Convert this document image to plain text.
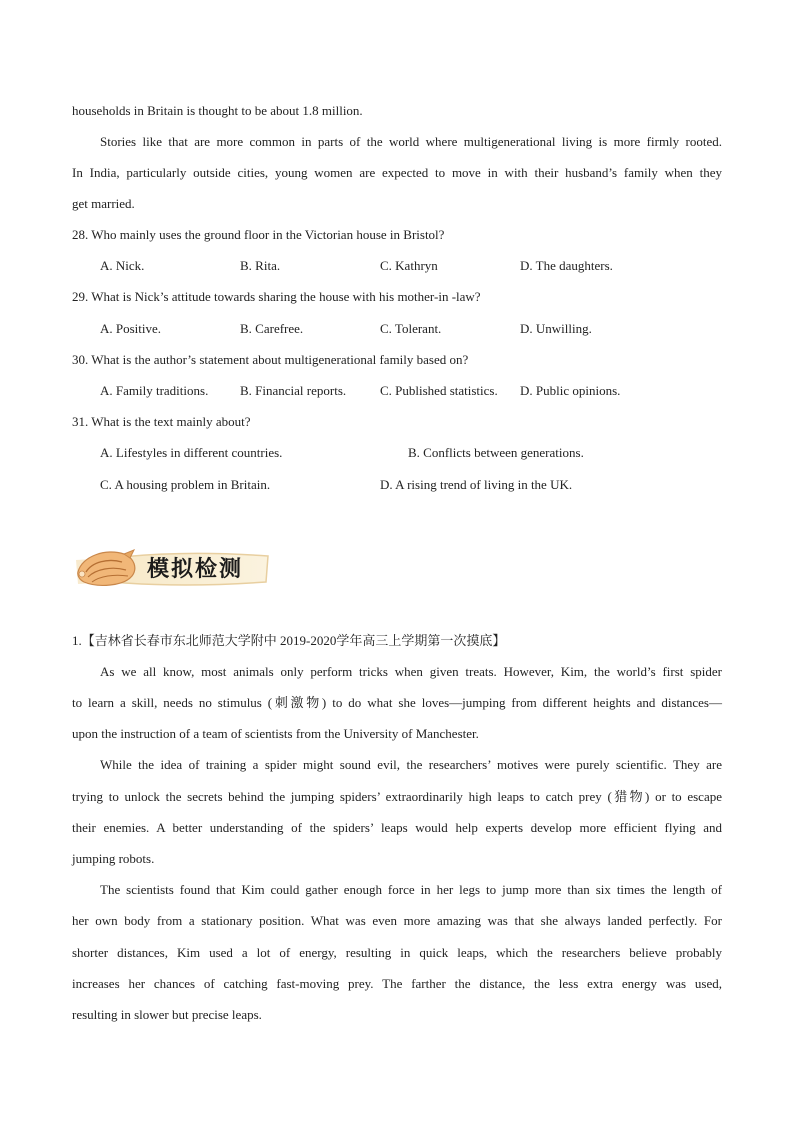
households in Britain is thought to be about 1.8 million.
Stories like that are more common in parts of the world where multigenerational living is more firmly rooted.
In India, particularly outside cities, young women are expected to move in with their husband’s family when they
get married.
28. Who mainly uses the ground floor in the Victorian house in Bristol?
A. Nick.	B. Rita.	C. Kathryn	D. The daughters.
29. What is Nick’s attitude towards sharing the house with his mother-in -law?
A. Positive.	B. Carefree.	C. Tolerant.	D. Unwilling.
30. What is the author’s statement about multigenerational family based on?
A. Family traditions. B. Financial reports.	C. Published statistics. D. Public opinions.
31. What is the text mainly about?
A. Lifestyles in different countries.	B. Conflicts between generations.
C. A housing problem in Britain.	D. A rising trend of living in the UK.
模拟检测
1.【吉林省长春市东北师范大学附中 2019-2020学年高三上学期第一次摸底】
As we all know, most animals only perform tricks when given treats. However, Kim, the world’s first spider
to learn a skill, needs no stimulus (刺激物) to do what she loves—jumping from different heights and distances—
upon the instruction of a team of scientists from the University of Manchester.
While the idea of training a spider might sound evil, the researchers’ motives were purely scientific. They are
trying to unlock the secrets behind the jumping spiders’ extraordinarily high leaps to catch prey (猎物) or to escape
their enemies. A better understanding of the spiders’ leaps would help experts develop more efficient flying and
jumping robots.
The scientists found that Kim could gather enough force in her legs to jump more than six times the length of
her own body from a stationary position. What was even more amazing was that she always landed perfectly. For
shorter distances, Kim used a lot of energy, resulting in quick leaps, which the researchers believe probably
increases her chances of catching fast-moving prey. The farther the distance, the less extra energy was used,
resulting in slower but precise leaps.
